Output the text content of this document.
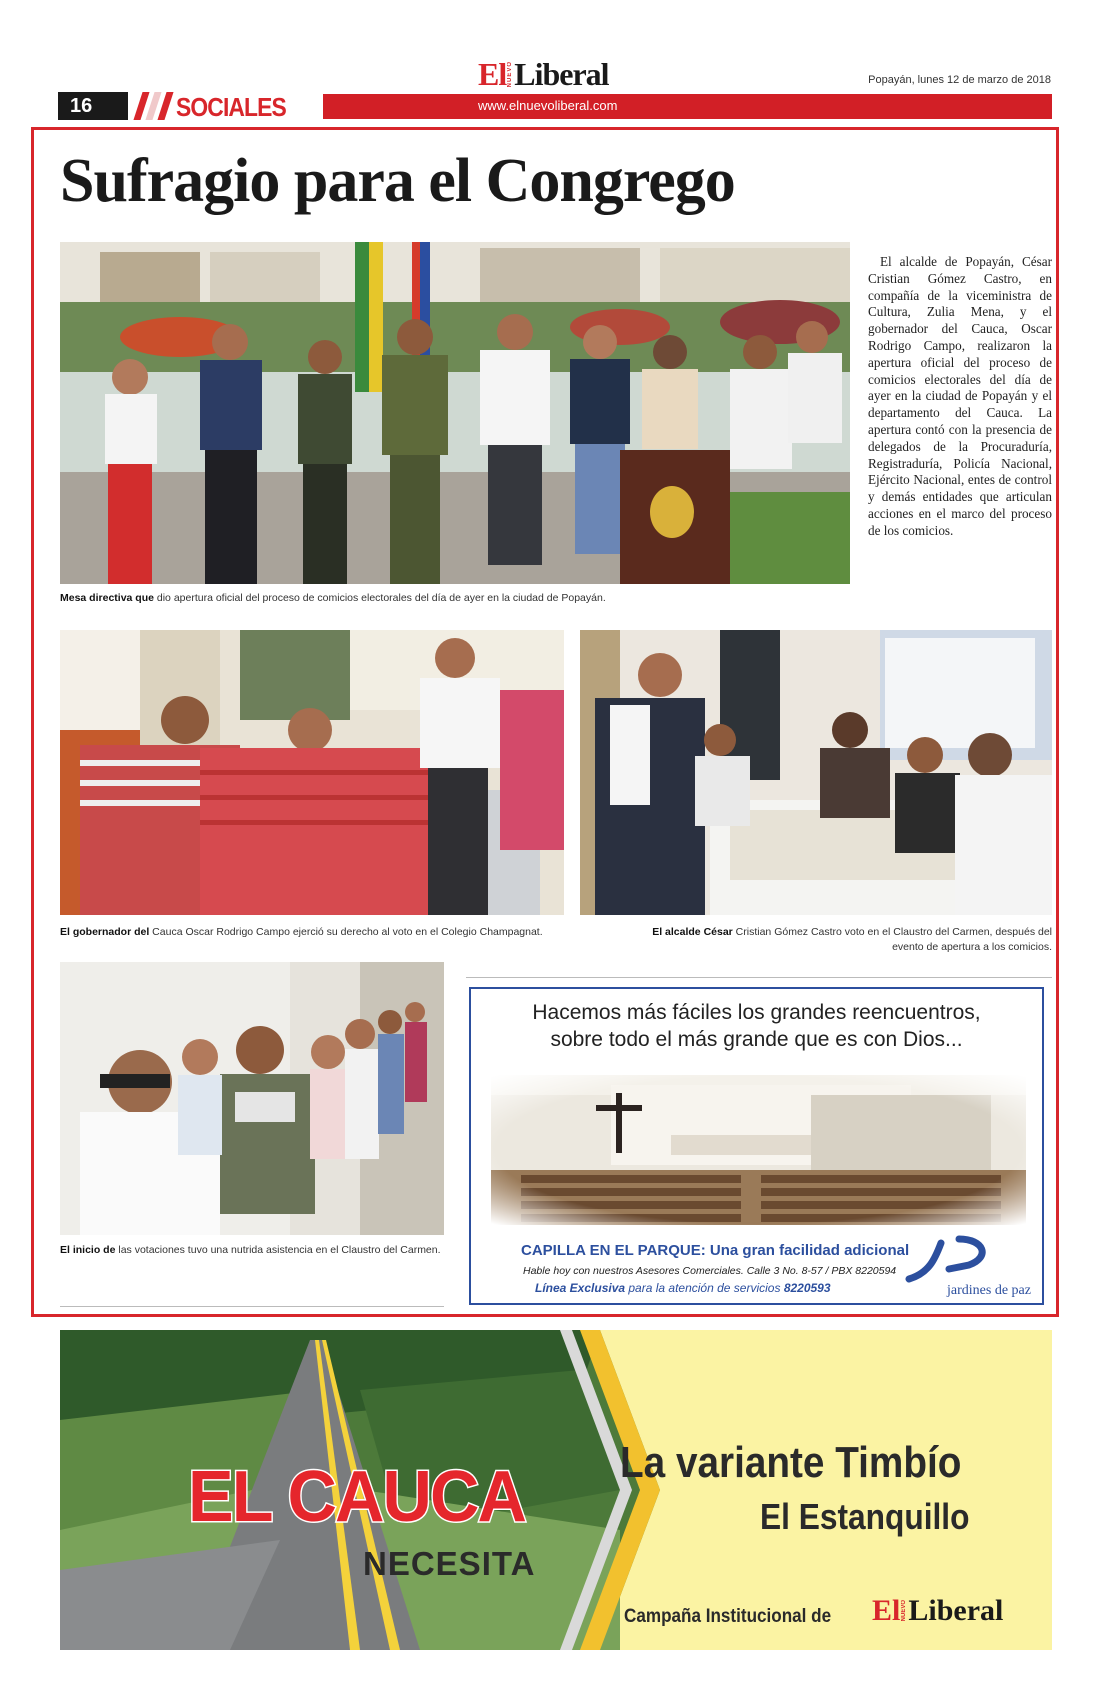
El NUEVO Liberal	Popayán, lunes 12 de marzo de 2018
16	SOCIALES	www.elnuevoliberal.com
Sufragio para el Congrego
El alcalde de Popayán, César Cristian Gómez Castro, en compañía de la viceministra de Cultura, Zulia Mena, y el gobernador del Cauca, Oscar Rodrigo Campo, realizaron la apertura oficial del proceso de comicios electorales del día de ayer en la ciudad de Popayán y el departamento del Cauca. La apertura contó con la presencia de delegados de la Procuraduría, Registraduría, Policía Nacional, Ejército Nacional, entes de control y demás entidades que articulan acciones en el marco del proceso de los comicios.
Mesa directiva que dio apertura oficial del proceso de comicios electorales del día de ayer en la ciudad de Popayán.
El gobernador del Cauca Oscar Rodrigo Campo ejerció su derecho al voto en el Colegio Champagnat.	El alcalde César Cristian Gómez Castro voto en el Claustro del Carmen, después del evento de apertura a los comicios.
El inicio de las votaciones tuvo una nutrida asistencia en el Claustro del Carmen.
Hacemos más fáciles los grandes reencuentros,
sobre todo el más grande que es con Dios...
CAPILLA EN EL PARQUE: Una gran facilidad adicional
Hable hoy con nuestros Asesores Comerciales. Calle 3 No. 8-57 / PBX 8220594
Línea Exclusiva para la atención de servicios 8220593	jardines de paz
EL CAUCA
NECESITA
La variante Timbío
El Estanquillo
Campaña Institucional de El NUEVO Liberal
